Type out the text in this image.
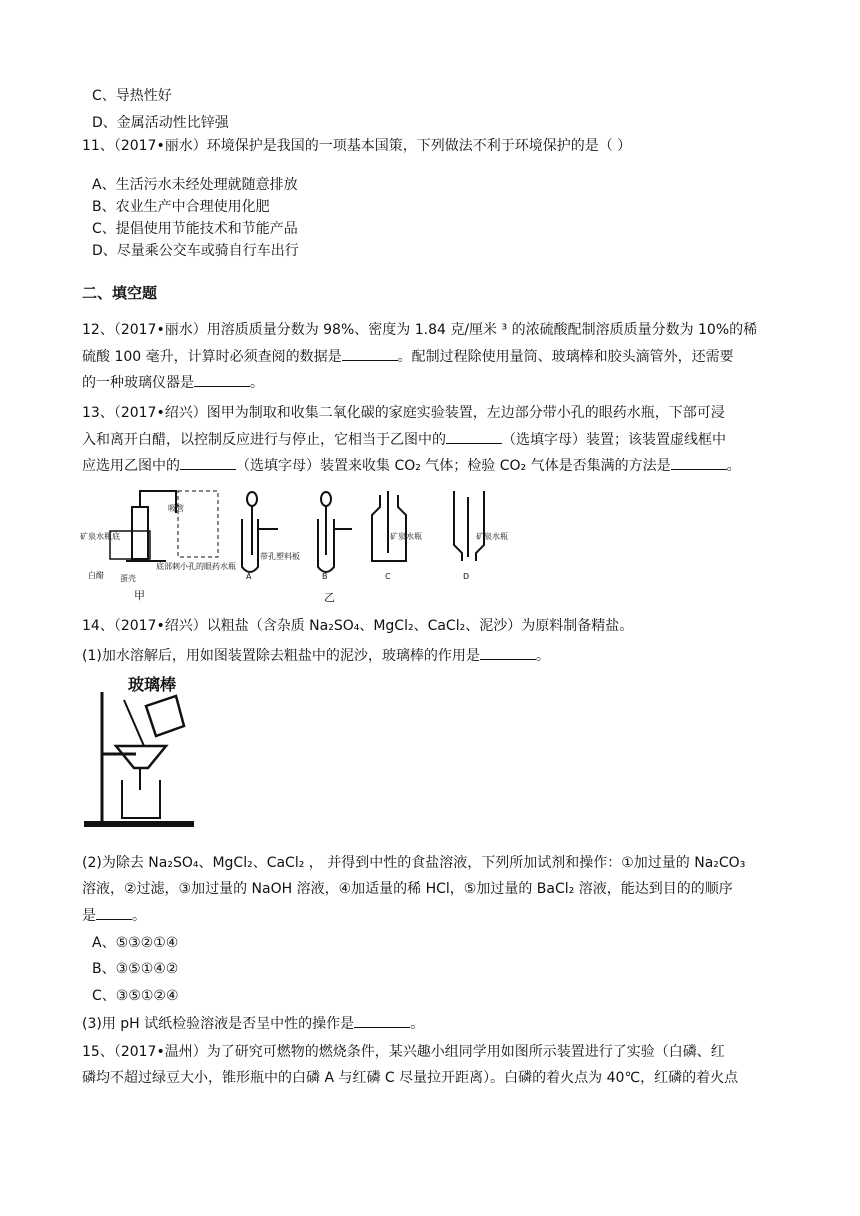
C、导热性好
D、金属活动性比锌强
11、（2017•丽水）环境保护是我国的一项基本国策，下列做法不利于环境保护的是（ ）
A、生活污水未经处理就随意排放
B、农业生产中合理使用化肥
C、提倡使用节能技术和节能产品
D、尽量乘公交车或骑自行车出行
二、填空题
12、（2017•丽水）用溶质质量分数为 98%、密度为 1.84 克/厘米 ³ 的浓硫酸配制溶质质量分数为 10%的稀
硫酸 100 毫升，计算时必须查阅的数据是	。配制过程除使用量筒、玻璃棒和胶头滴管外，还需要
的一种玻璃仪器是	。
13、（2017•绍兴）图甲为制取和收集二氧化碳的家庭实验装置，左边部分带小孔的眼药水瓶，下部可浸
入和离开白醋，以控制反应进行与停止，它相当于乙图中的	（选填字母）装置；该装置虚线框中
应选用乙图中的	（选填字母）装置来收集 CO₂ 气体；检验 CO₂ 气体是否集满的方法是	。
吸管
矿泉水瓶底
白醋 蛋壳
底部刺小孔的眼药水瓶
甲
A
带孔塑料板
B
矿泉水瓶
C
矿泉水瓶
D
乙
14、（2017•绍兴）以粗盐（含杂质 Na₂SO₄、MgCl₂、CaCl₂、泥沙）为原料制备精盐。
(1)加水溶解后，用如图装置除去粗盐中的泥沙，玻璃棒的作用是	。
玻璃棒
(2)为除去 Na₂SO₄、MgCl₂、CaCl₂ ， 并得到中性的食盐溶液，下列所加试剂和操作：①加过量的 Na₂CO₃
溶液，②过滤，③加过量的 NaOH 溶液，④加适量的稀 HCl，⑤加过量的 BaCl₂ 溶液，能达到目的的顺序
是	。
A、⑤③②①④
B、③⑤①④②
C、③⑤①②④
(3)用 pH 试纸检验溶液是否呈中性的操作是	。
15、（2017•温州）为了研究可燃物的燃烧条件，某兴趣小组同学用如图所示装置进行了实验（白磷、红
磷均不超过绿豆大小，锥形瓶中的白磷 A 与红磷 C 尽量拉开距离）。白磷的着火点为 40℃，红磷的着火点
